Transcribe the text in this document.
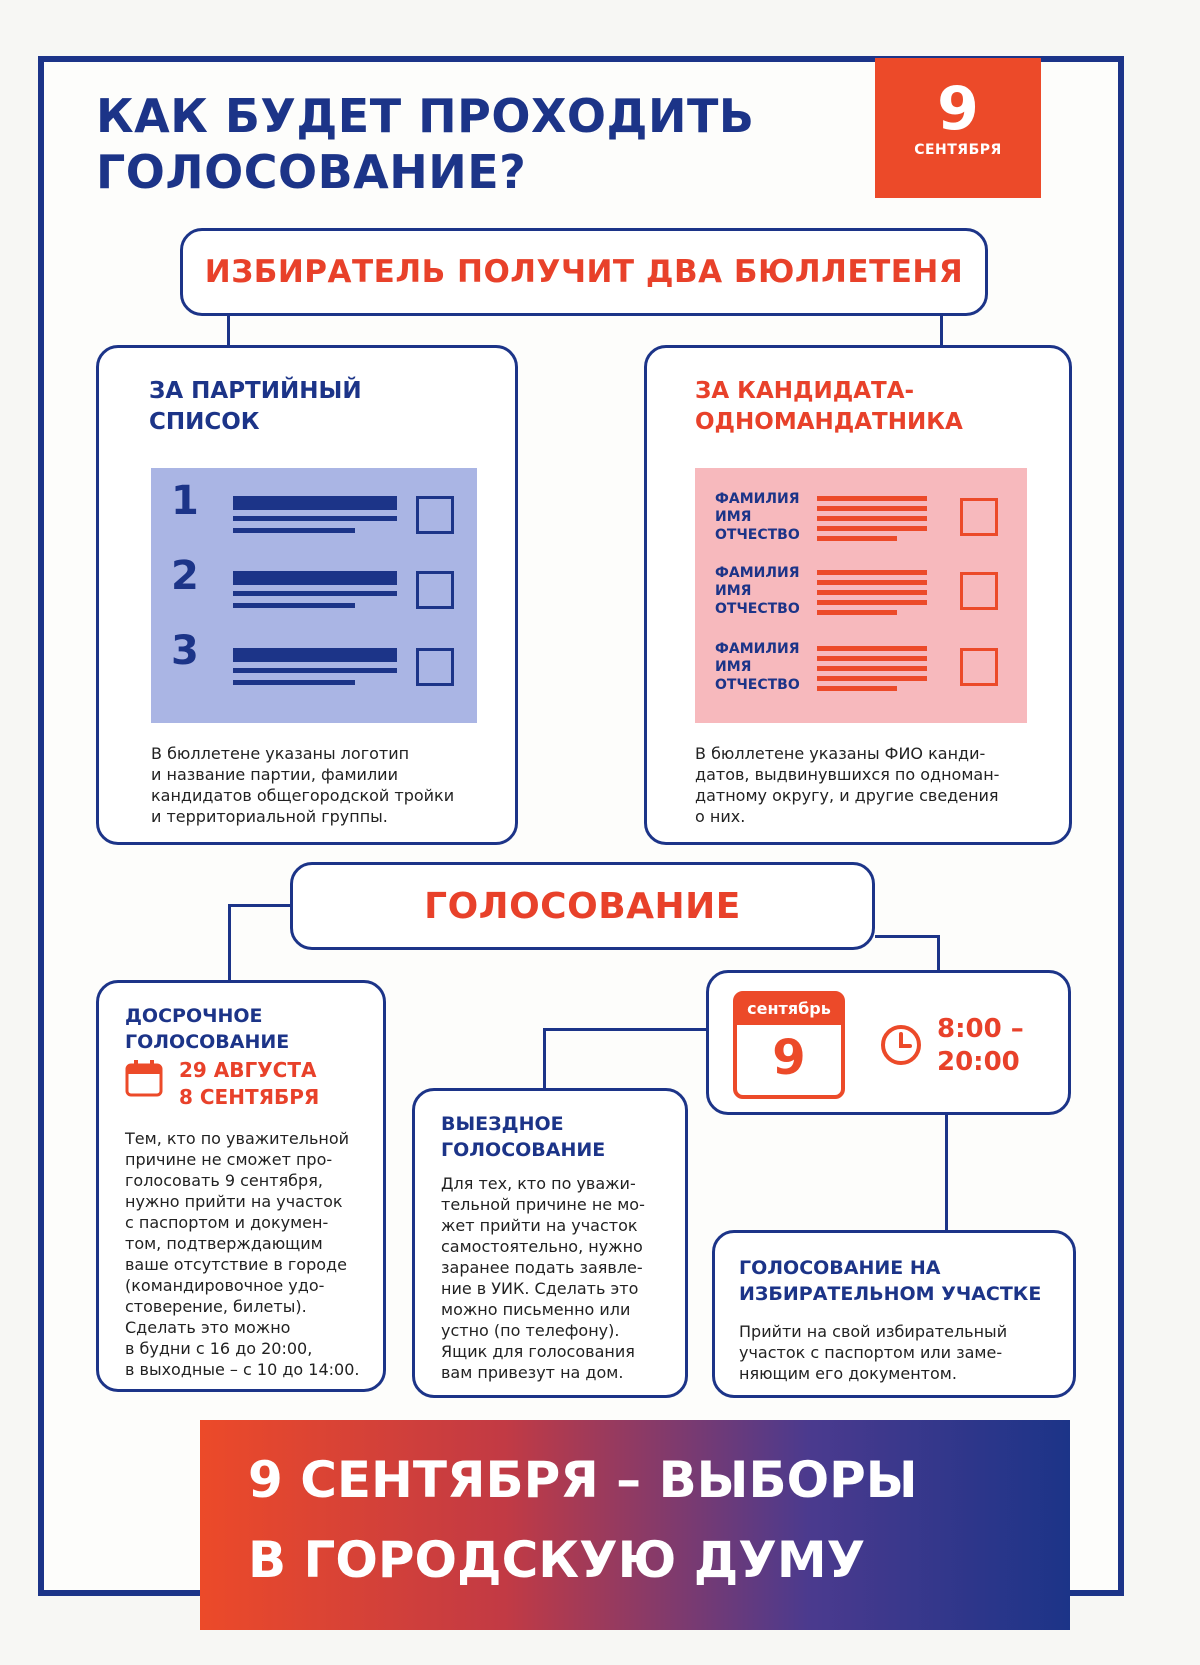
КАК БУДЕТ ПРОХОДИТЬ
ГОЛОСОВАНИЕ?
9
СЕНТЯБРЯ
ИЗБИРАТЕЛЬ ПОЛУЧИТ ДВА БЮЛЛЕТЕНЯ
ЗА ПАРТИЙНЫЙ
СПИСОК
1
2
3
В бюллетене указаны логотип
и название партии, фамилии
кандидатов общегородской тройки
и территориальной группы.
ЗА КАНДИДАТА-
ОДНОМАНДАТНИКА
ФАМИЛИЯ
ИМЯ
ОТЧЕСТВО
ФАМИЛИЯ
ИМЯ
ОТЧЕСТВО
ФАМИЛИЯ
ИМЯ
ОТЧЕСТВО
В бюллетене указаны ФИО канди-
датов, выдвинувшихся по одноман-
датному округу, и другие сведения
о них.
ГОЛОСОВАНИЕ
ДОСРОЧНОЕ
ГОЛОСОВАНИЕ
29 АВГУСТА
8 СЕНТЯБРЯ
Тем, кто по уважительной
причине не сможет про-
голосовать 9 сентября,
нужно прийти на участок
с паспортом и докумен-
том, подтверждающим
ваше отсутствие в городе
(командировочное удо-
стоверение, билеты).
Сделать это можно
в будни с 16 до 20:00,
в выходные – с 10 до 14:00.
ВЫЕЗДНОЕ
ГОЛОСОВАНИЕ
Для тех, кто по уважи-
тельной причине не мо-
жет прийти на участок
самостоятельно, нужно
заранее подать заявле-
ние в УИК. Сделать это
можно письменно или
устно (по телефону).
Ящик для голосования
вам привезут на дом.
сентябрь
9
8:00 –
20:00
ГОЛОСОВАНИЕ НА
ИЗБИРАТЕЛЬНОМ УЧАСТКЕ
Прийти на свой избирательный
участок с паспортом или заме-
няющим его документом.
9 СЕНТЯБРЯ – ВЫБОРЫ
В ГОРОДСКУЮ ДУМУ
